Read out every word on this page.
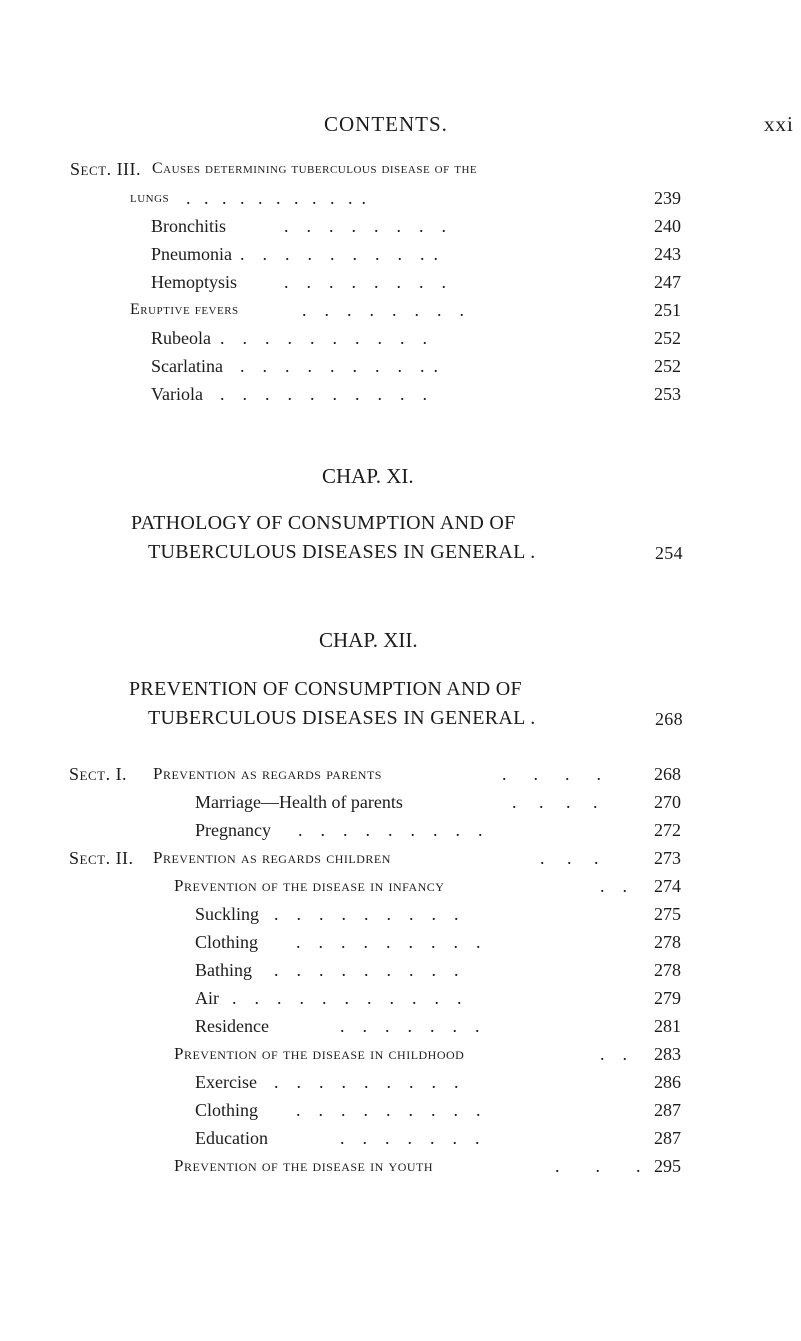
CONTENTS.	xxi
Sect. III. Causes determining tuberculous disease of the
lungs .   .   .   .   .   .   .   .   .   .  .	239
Bronchitis	.    .    .    .    .    .    .    .	240
Pneumonia .    .    .    .    .    .    .    .    .  .	243
Hemoptysis	.    .    .    .    .    .    .    .	247
Eruptive fevers	.    .    .    .    .    .    .    .	251
Rubeola .    .    .    .    .    .    .    .    .    .	252
Scarlatina .    .    .    .    .    .    .    .    .  .	252
Variola .    .    .    .    .    .    .    .    .    .	253
CHAP. XI.
PATHOLOGY OF CONSUMPTION AND OF
TUBERCULOUS DISEASES IN GENERAL .	254
CHAP. XII.
PREVENTION OF CONSUMPTION AND OF
TUBERCULOUS DISEASES IN GENERAL .	268
Sect. I. Prevention as regards parents	.      .      .      .	268
Marriage—Health of parents	.     .     .     .	270
Pregnancy .    .    .    .    .    .    .    .    .	272
Sect. II. Prevention as regards children	.     .     .	273
Prevention of the disease in infancy	.    . 274
Suckling .    .    .    .    .    .    .    .    .	275
Clothing .    .    .    .    .    .    .    .    .	278
Bathing .    .    .    .    .    .    .    .    .	278
Air .    .    .    .    .    .    .    .    .    .    .	279
Residence	.    .    .    .    .    .    .	281
Prevention of the disease in childhood	.    . 283
Exercise .    .    .    .    .    .    .    .    .	286
Clothing .    .    .    .    .    .    .    .    .	287
Education	.    .    .    .    .    .    .	287
Prevention of the disease in youth	.        .        . 295
